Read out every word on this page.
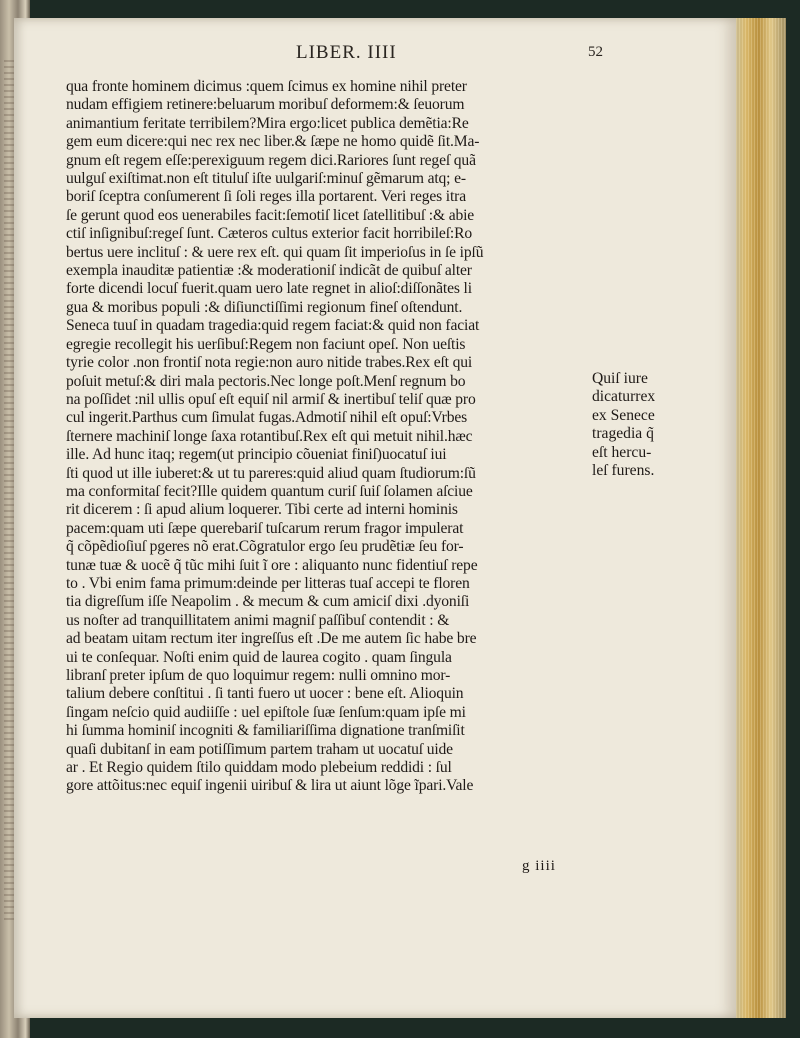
LIBER. IIII	52
qua fronte hominem dicimus :quem ſcimus ex homine nihil preter
nudam effigiem retinere:beluarum moribuſ deformem:& ſeuorum
animantium feritate terribilem?Mira ergo:licet publica demẽtia:Re
gem eum dicere:qui nec rex nec liber.& ſæpe ne homo quidẽ ſit.Ma-
gnum eſt regem eſſe:perexiguum regem dici.Rariores ſunt regeſ quã
uulguſ exiſtimat.non eſt tituluſ iſte uulgariſ:minuſ gẽmarum atq; e-
boriſ ſceptra conſumerent ſi ſoli reges illa portarent. Veri reges itra
ſe gerunt quod eos uenerabiles facit:ſemotiſ licet ſatellitibuſ :& abie
ctiſ inſignibuſ:regeſ ſunt. Cæteros cultus exterior facit horribileſ:Ro
bertus uere inclituſ : & uere rex eſt. qui quam ſit imperioſus in ſe ipſũ
exempla inauditæ patientiæ :& moderationiſ indicãt de quibuſ alter
forte dicendi locuſ fuerit.quam uero late regnet in alioſ:diſſonãtes li
gua & moribus populi :& diſiunctiſſimi regionum fineſ oſtendunt.
Seneca tuuſ in quadam tragedia:quid regem faciat:& quid non faciat
egregie recollegit his uerſibuſ:Regem non faciunt opeſ. Non ueſtis
tyrie color .non frontiſ nota regie:non auro nitide trabes.Rex eſt qui
poſuit metuſ:& diri mala pectoris.Nec longe poſt.Menſ regnum bo
na poſſidet :nil ullis opuſ eſt equiſ nil armiſ & inertibuſ teliſ quæ pro
cul ingerit.Parthus cum ſimulat fugas.Admotiſ nihil eſt opuſ:Vrbes
ſternere machiniſ longe ſaxa rotantibuſ.Rex eſt qui metuit nihil.hæc
ille. Ad hunc itaq; regem(ut principio cõueniat finiſ)uocatuſ iui
ſti quod ut ille iuberet:& ut tu pareres:quid aliud quam ſtudiorum:ſũ
ma conformitaſ fecit?Ille quidem quantum curiſ ſuiſ ſolamen aſciue
rit dicerem : ſi apud alium loquerer. Tibi certe ad interni hominis
pacem:quam uti ſæpe querebariſ tuſcarum rerum fragor impulerat
q̃ cõpẽdioſiuſ pgeres nõ erat.Cõgratulor ergo ſeu prudẽtiæ ſeu for-
tunæ tuæ & uocẽ q̃ tũc mihi ſuit ĩ ore : aliquanto nunc fidentiuſ repe
to . Vbi enim fama primum:deinde per litteras tuaſ accepi te floren
tia digreſſum iſſe Neapolim . & mecum & cum amiciſ dixi .dyoniſi
us noſter ad tranquillitatem animi magniſ paſſibuſ contendit : &
ad beatam uitam rectum iter ingreſſus eſt .De me autem ſic habe bre
ui te conſequar. Noſti enim quid de laurea cogito . quam ſingula
libranſ preter ipſum de quo loquimur regem: nulli omnino mor-
talium debere conſtitui . ſi tanti fuero ut uocer : bene eſt. Alioquin
ſingam neſcio quid audiiſſe : uel epiſtole ſuæ ſenſum:quam ipſe mi
hi ſumma hominiſ incogniti & familiariſſima dignatione tranſmiſit
quaſi dubitanſ in eam potiſſimum partem traham ut uocatuſ uide
ar . Et Regio quidem ſtilo quiddam modo plebeium reddidi : ſul
gore attõitus:nec equiſ ingenii uiribuſ & lira ut aiunt lõge ĩpari.Vale
Quiſ iure
dicaturrex
ex Senece
tragedia q̃
eſt hercu-
leſ furens.
g iiii
